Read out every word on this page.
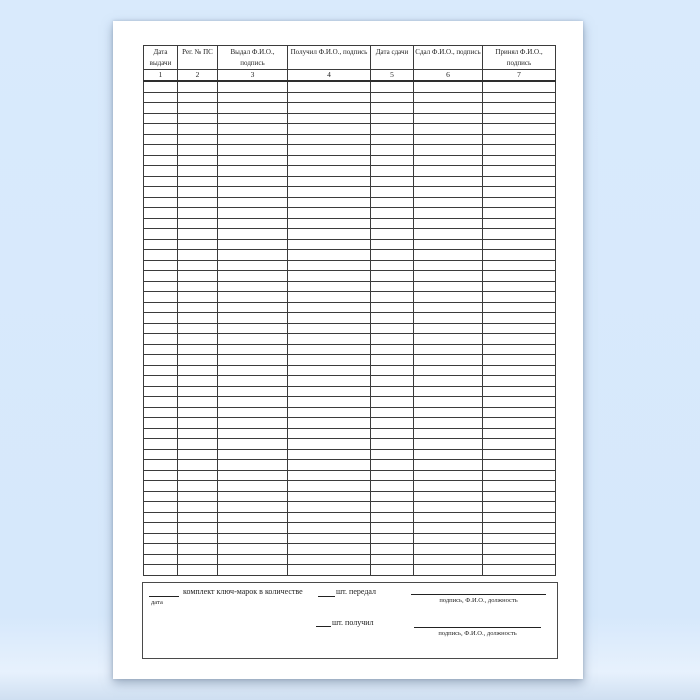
Дата выдачи	Рег. № ПС	Выдал Ф.И.О., подпись	Получил Ф.И.О., подпись	Дата сдачи	Сдал Ф.И.О., подпись	Принял Ф.И.О., подпись
1	2	3	4	5	6	7

дата
комплект ключ-марок в количестве	шт. передал
подпись, Ф.И.О., должность
шт. получил
подпись, Ф.И.О., должность
